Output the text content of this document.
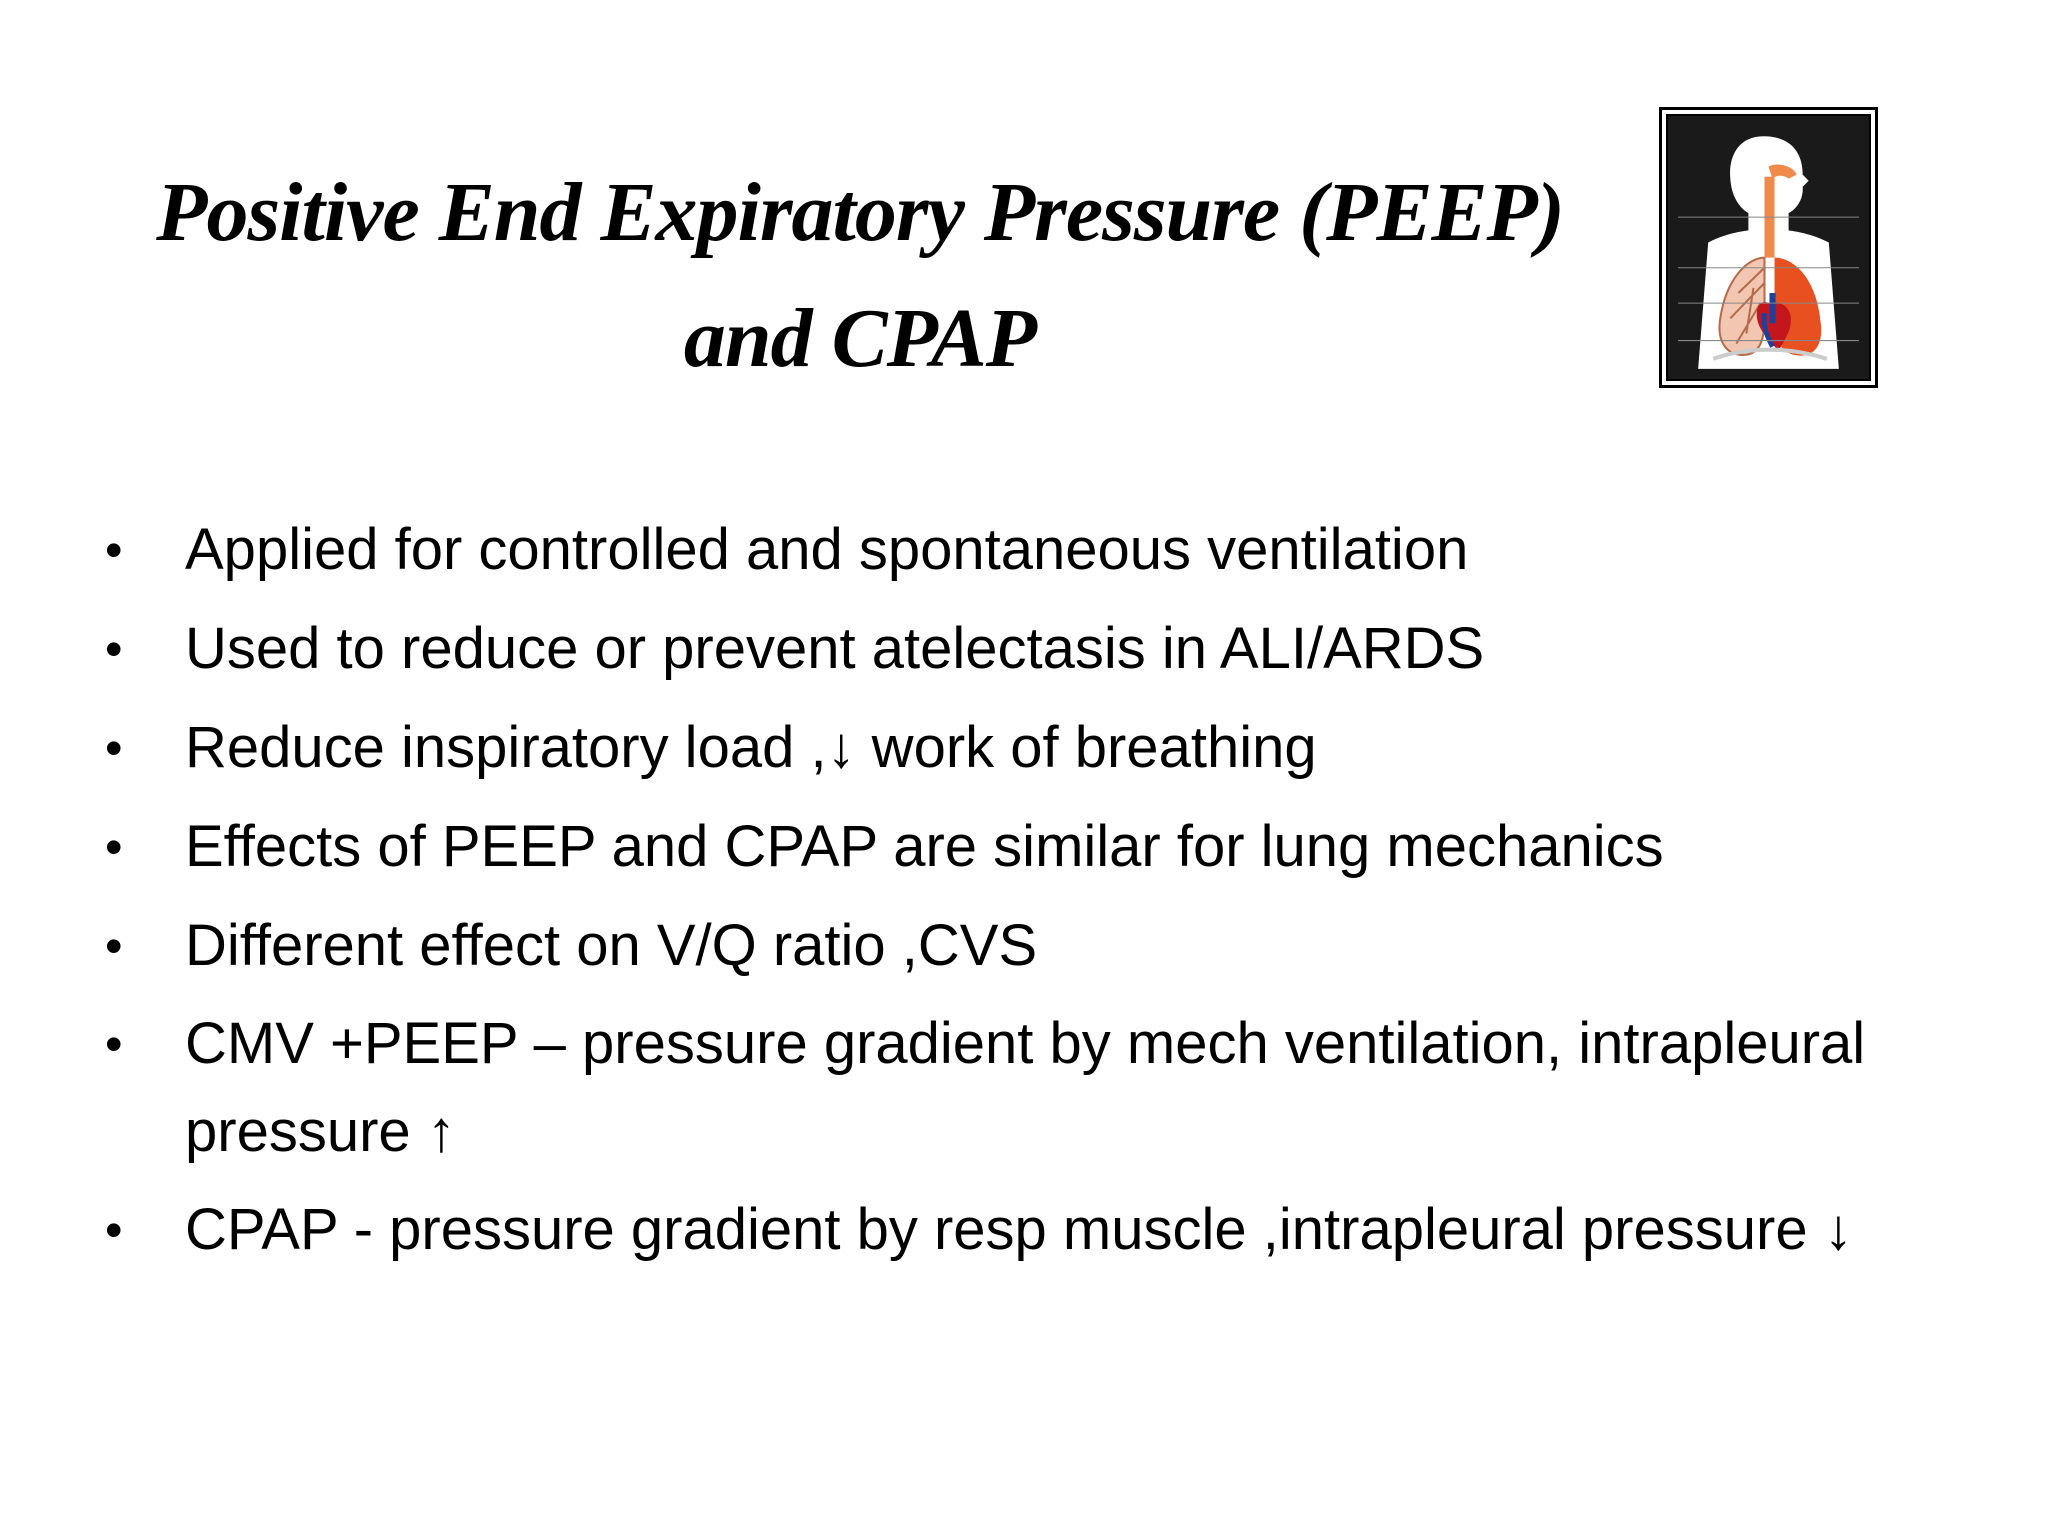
Positive End Expiratory Pressure (PEEP)
and CPAP
• Applied for controlled and spontaneous ventilation
• Used to reduce or prevent atelectasis in ALI/ARDS
• Reduce inspiratory load ,↓ work of breathing
• Effects of PEEP and CPAP are similar for lung mechanics
• Different effect on V/Q ratio ,CVS
• CMV +PEEP – pressure gradient by mech ventilation, intrapleural pressure ↑
• CPAP - pressure gradient by resp muscle ,intrapleural pressure ↓
